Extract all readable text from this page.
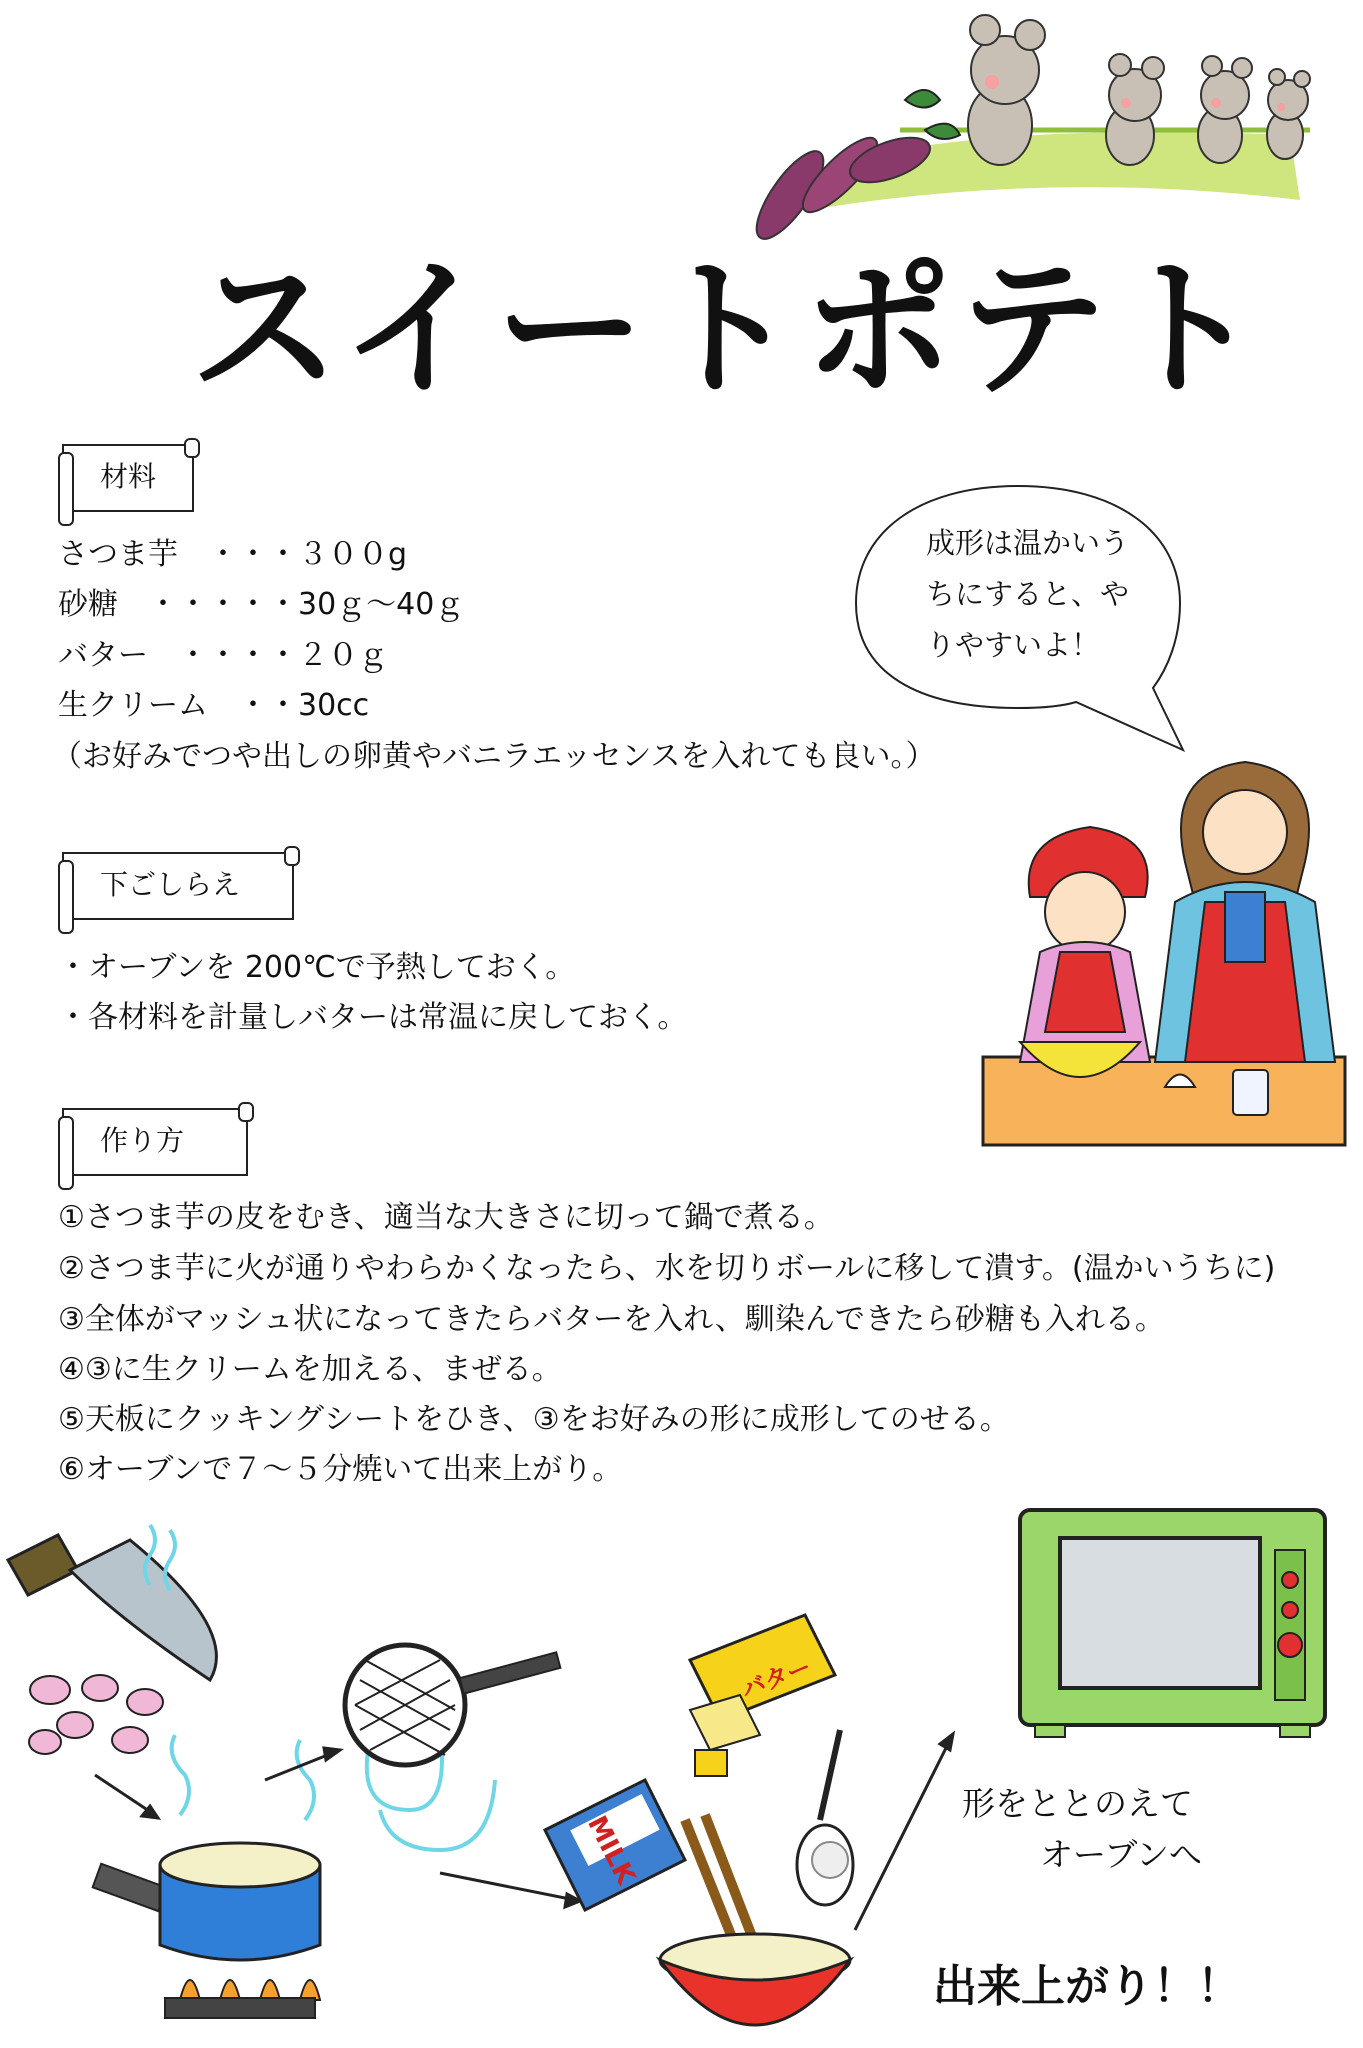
スイートポテト
材料
さつま芋　・・・３００g
砂糖　・・・・・30ｇ～40ｇ
バター　・・・・２０ｇ
生クリーム　・・30cc
（お好みでつや出しの卵黄やバニラエッセンスを入れても良い。）
成形は温かいう
ちにすると、や
りやすいよ！
下ごしらえ
・オーブンを 200℃で予熱しておく。
・各材料を計量しバターは常温に戻しておく。
作り方
①さつま芋の皮をむき、適当な大きさに切って鍋で煮る。
②さつま芋に火が通りやわらかくなったら、水を切りボールに移して潰す。(温かいうちに)
③全体がマッシュ状になってきたらバターを入れ、馴染んできたら砂糖も入れる。
④③に生クリームを加える、まぜる。
⑤天板にクッキングシートをひき、③をお好みの形に成形してのせる。
⑥オーブンで７～５分焼いて出来上がり。
バター
MILK
形をととのえて
オーブンへ
出来上がり！！
